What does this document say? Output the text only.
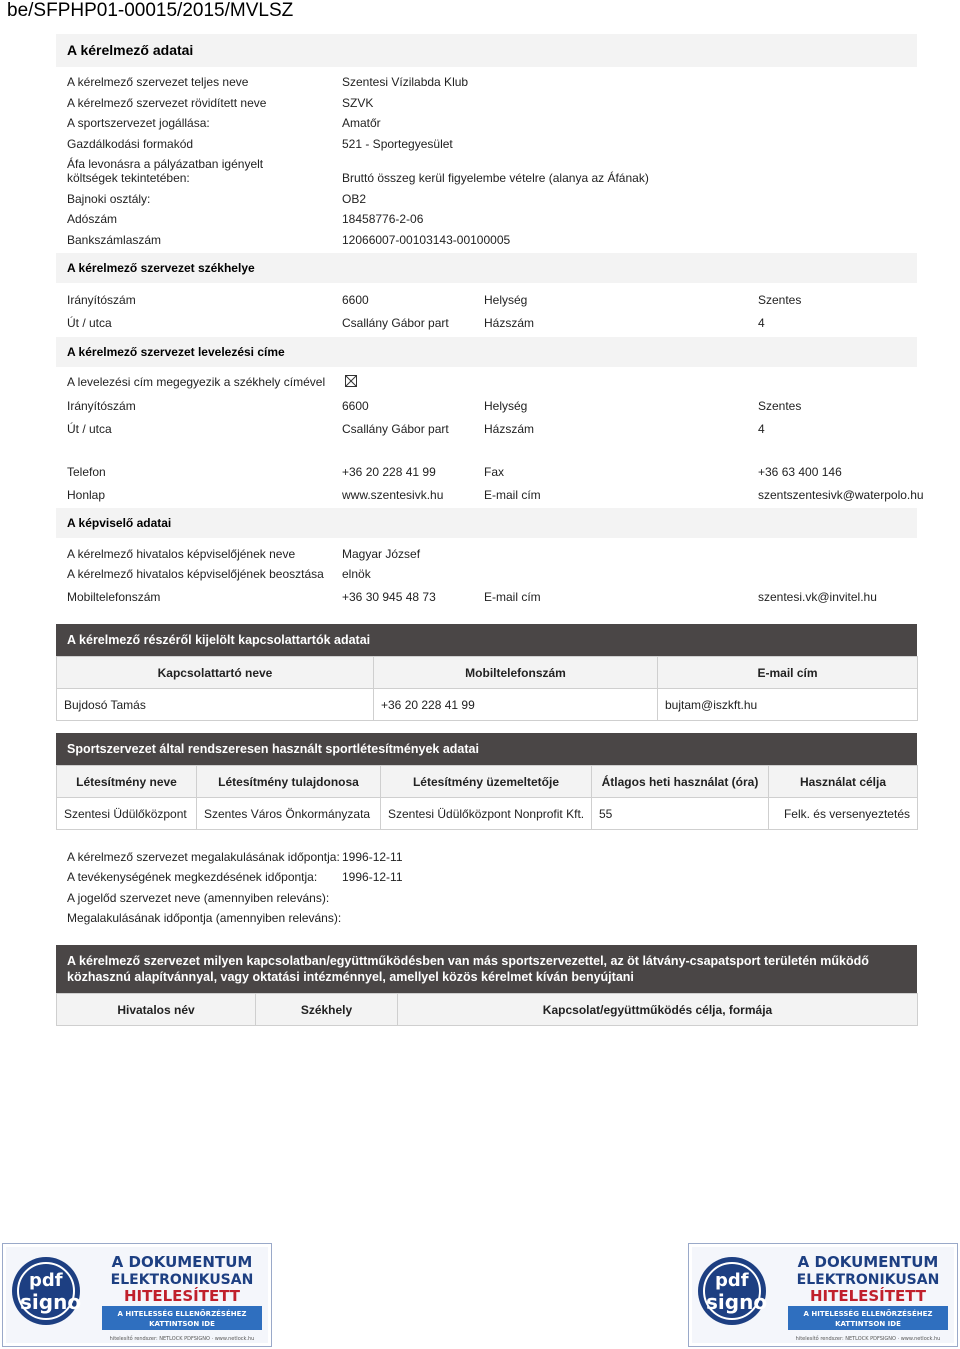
be/SFPHP01-00015/2015/MVLSZ
A kérelmező adatai
A kérelmező szervezet teljes neve	Szentesi Vízilabda Klub
A kérelmező szervezet rövidített neve	SZVK
A sportszervezet jogállása:	Amatőr
Gazdálkodási formakód	521 - Sportegyesület
Áfa levonásra a pályázatban igényelt
költségek tekintetében:	Bruttó összeg kerül figyelembe vételre (alanya az Áfának)
Bajnoki osztály:	OB2
Adószám	18458776-2-06
Bankszámlaszám	12066007-00103143-00100005
A kérelmező szervezet székhelye
Irányítószám	6600	Helység	Szentes
Út / utca	Csallány Gábor part	Házszám	4
A kérelmező szervezet levelezési címe
A levelezési cím megegyezik a székhely címével
Irányítószám	6600	Helység	Szentes
Út / utca	Csallány Gábor part	Házszám	4
Telefon	+36 20 228 41 99	Fax	+36 63 400 146
Honlap	www.szentesivk.hu	E-mail cím	szentszentesivk@waterpolo.hu
A képviselő adatai
A kérelmező hivatalos képviselőjének neve	Magyar József
A kérelmező hivatalos képviselőjének beosztása elnök
Mobiltelefonszám	+36 30 945 48 73	E-mail cím	szentesi.vk@invitel.hu
A kérelmező részéről kijelölt kapcsolattartók adatai
Kapcsolattartó neve	Mobiltelefonszám	E-mail cím
Bujdosó Tamás	+36 20 228 41 99	bujtam@iszkft.hu
Sportszervezet által rendszeresen használt sportlétesítmények adatai
Létesítmény neve	Létesítmény tulajdonosa	Létesítmény üzemeltetője	Átlagos heti használat (óra)	Használat célja
Szentesi Üdülőközpont	Szentes Város Önkormányzata	Szentesi Üdülőközpont Nonprofit Kft.	55	Felk. és versenyeztetés
A kérelmező szervezet megalakulásának időpontja: 1996-12-11
A tevékenységének megkezdésének időpontja: 1996-12-11
A jogelőd szervezet neve (amennyiben releváns):
Megalakulásának időpontja (amennyiben releváns):
A kérelmező szervezet milyen kapcsolatban/együttműködésben van más sportszervezettel, az öt látvány-csapatsport területén működő
közhasznú alapítvánnyal, vagy oktatási intézménnyel, amellyel közös kérelmet kíván benyújtani
Hivatalos név	Székhely	Kapcsolat/együttműködés célja, formája
pdf
signo
A DOKUMENTUM
ELEKTRONIKUSAN
HITELESÍTETT
A HITELESSÉG ELLENŐRZÉSÉHEZ
KATTINTSON IDE
hitelesítő rendszer: NETLOCK PDFSIGNO · www.netlock.hu
pdf
signo
A DOKUMENTUM
ELEKTRONIKUSAN
HITELESÍTETT
A HITELESSÉG ELLENŐRZÉSÉHEZ
KATTINTSON IDE
hitelesítő rendszer: NETLOCK PDFSIGNO · www.netlock.hu
